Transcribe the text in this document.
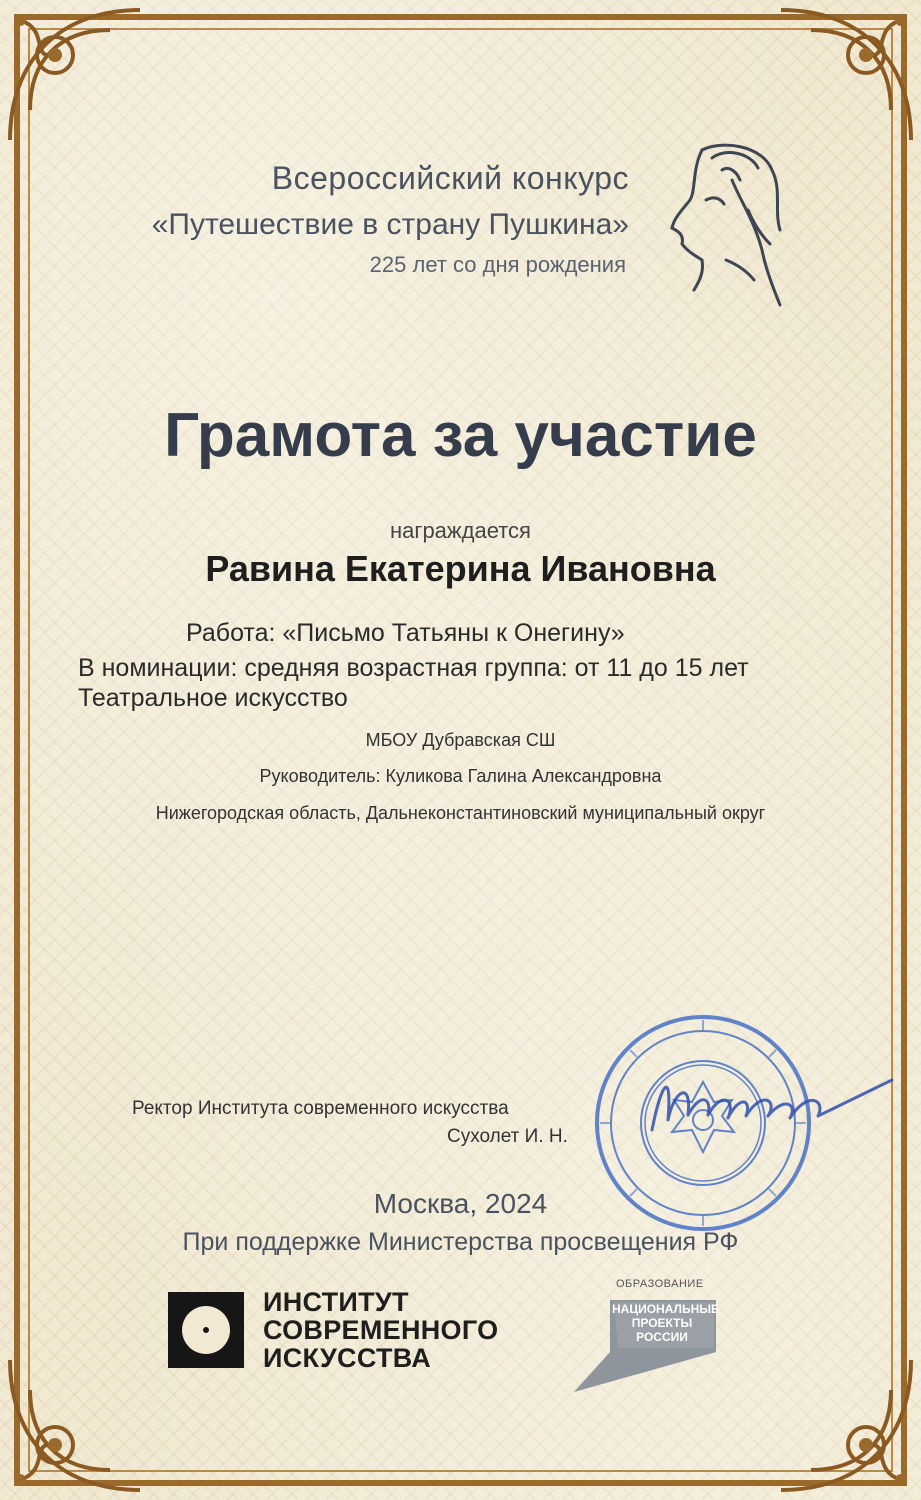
Всероссийский конкурс
«Путешествие в страну Пушкина»
225 лет со дня рождения
Грамота за участие
награждается
Равина Екатерина Ивановна
Работа: «Письмо Татьяны к Онегину»
В номинации: средняя возрастная группа: от 11 до 15 лет
Театральное искусство
МБОУ Дубравская СШ
Руководитель: Куликова Галина Александровна
Нижегородская область, Дальнеконстантиновский муниципальный округ
Ректор Института современного искусства
Сухолет И. Н.
Москва, 2024
При поддержке Министерства просвещения РФ
ИНСТИТУТ
СОВРЕМЕННОГО
ИСКУССТВА
ОБРАЗОВАНИЕ
НАЦИОНАЛЬНЫЕ
ПРОЕКТЫ
РОССИИ
